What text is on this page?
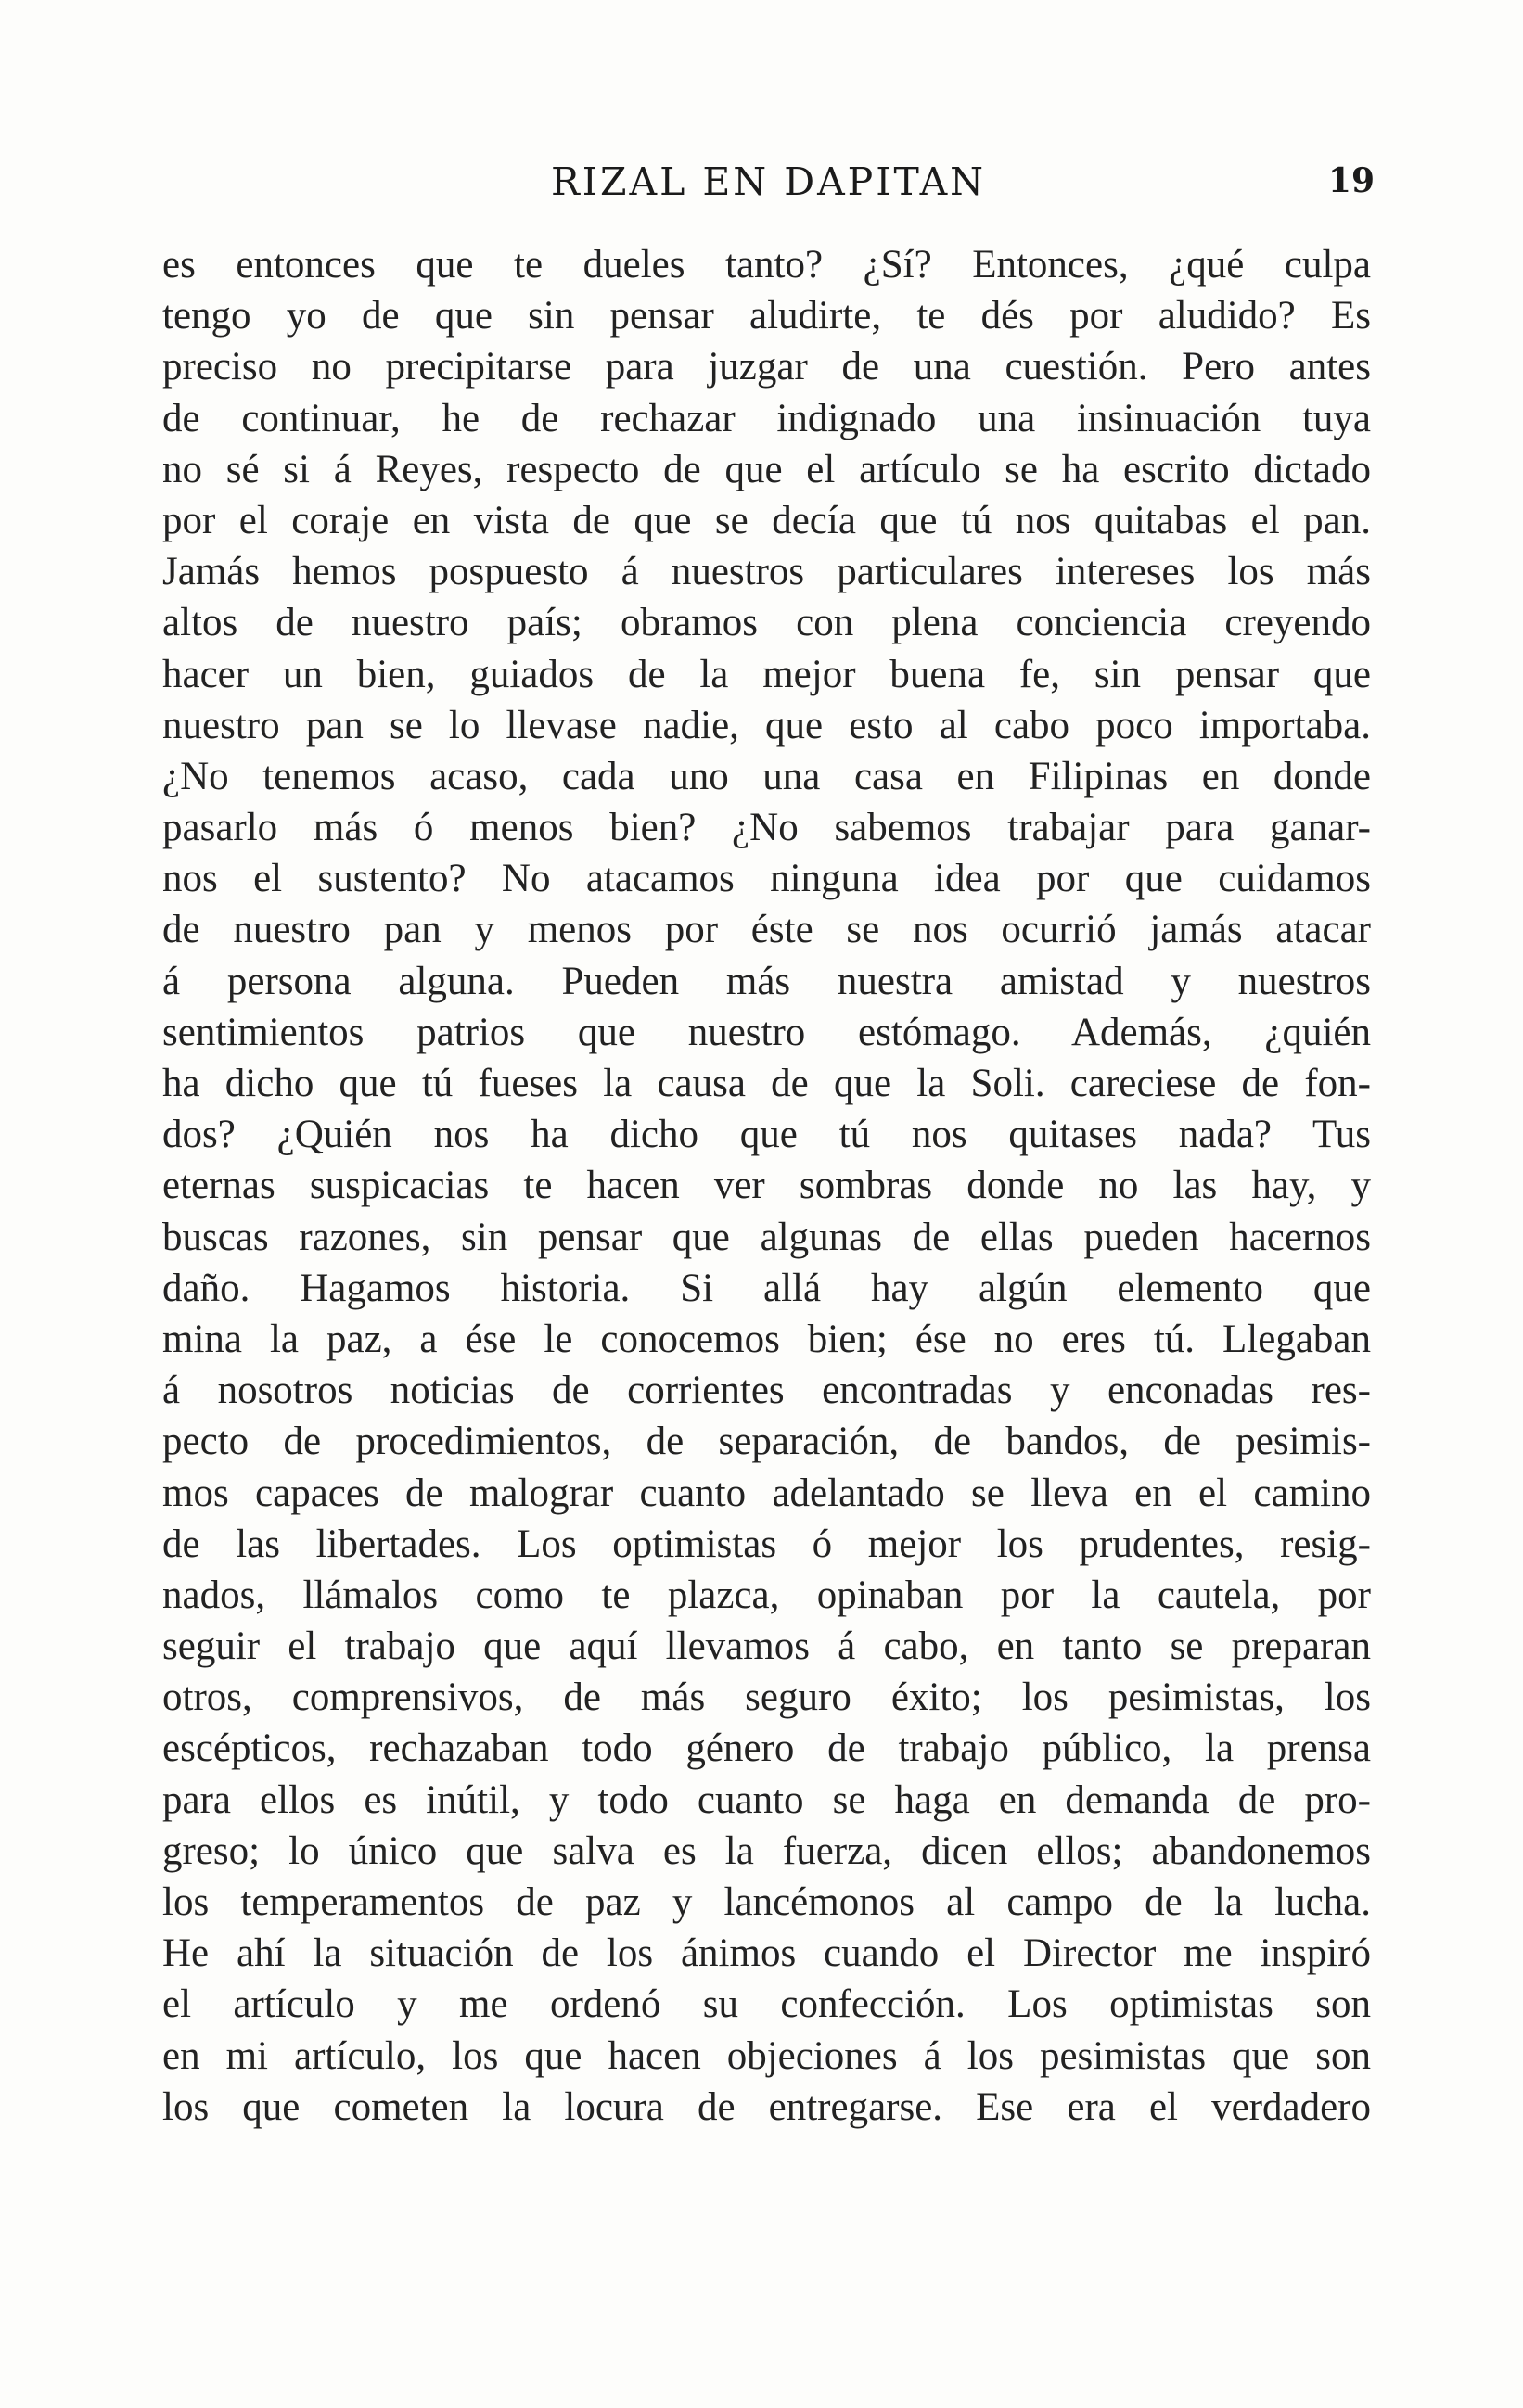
RIZAL EN DAPITAN	19
es entonces que te dueles tanto? ¿Sí? Entonces, ¿qué culpa
tengo yo de que sin pensar aludirte, te dés por aludido? Es
preciso no precipitarse para juzgar de una cuestión. Pero antes
de continuar, he de rechazar indignado una insinuación tuya
no sé si á Reyes, respecto de que el artículo se ha escrito dictado
por el coraje en vista de que se decía que tú nos quitabas el pan.
Jamás hemos pospuesto á nuestros particulares intereses los más
altos de nuestro país; obramos con plena conciencia creyendo
hacer un bien, guiados de la mejor buena fe, sin pensar que
nuestro pan se lo llevase nadie, que esto al cabo poco importaba.
¿No tenemos acaso, cada uno una casa en Filipinas en donde
pasarlo más ó menos bien? ¿No sabemos trabajar para ganar-
nos el sustento? No atacamos ninguna idea por que cuidamos
de nuestro pan y menos por éste se nos ocurrió jamás atacar
á persona alguna. Pueden más nuestra amistad y nuestros
sentimientos patrios que nuestro estómago. Además, ¿quién
ha dicho que tú fueses la causa de que la Soli. careciese de fon-
dos? ¿Quién nos ha dicho que tú nos quitases nada? Tus
eternas suspicacias te hacen ver sombras donde no las hay, y
buscas razones, sin pensar que algunas de ellas pueden hacernos
daño. Hagamos historia. Si allá hay algún elemento que
mina la paz, a ése le conocemos bien; ése no eres tú. Llegaban
á nosotros noticias de corrientes encontradas y enconadas res-
pecto de procedimientos, de separación, de bandos, de pesimis-
mos capaces de malograr cuanto adelantado se lleva en el camino
de las libertades. Los optimistas ó mejor los prudentes, resig-
nados, llámalos como te plazca, opinaban por la cautela, por
seguir el trabajo que aquí llevamos á cabo, en tanto se preparan
otros, comprensivos, de más seguro éxito; los pesimistas, los
escépticos, rechazaban todo género de trabajo público, la prensa
para ellos es inútil, y todo cuanto se haga en demanda de pro-
greso; lo único que salva es la fuerza, dicen ellos; abandonemos
los temperamentos de paz y lancémonos al campo de la lucha.
He ahí la situación de los ánimos cuando el Director me inspiró
el artículo y me ordenó su confección. Los optimistas son
en mi artículo, los que hacen objeciones á los pesimistas que son
los que cometen la locura de entregarse. Ese era el verdadero
